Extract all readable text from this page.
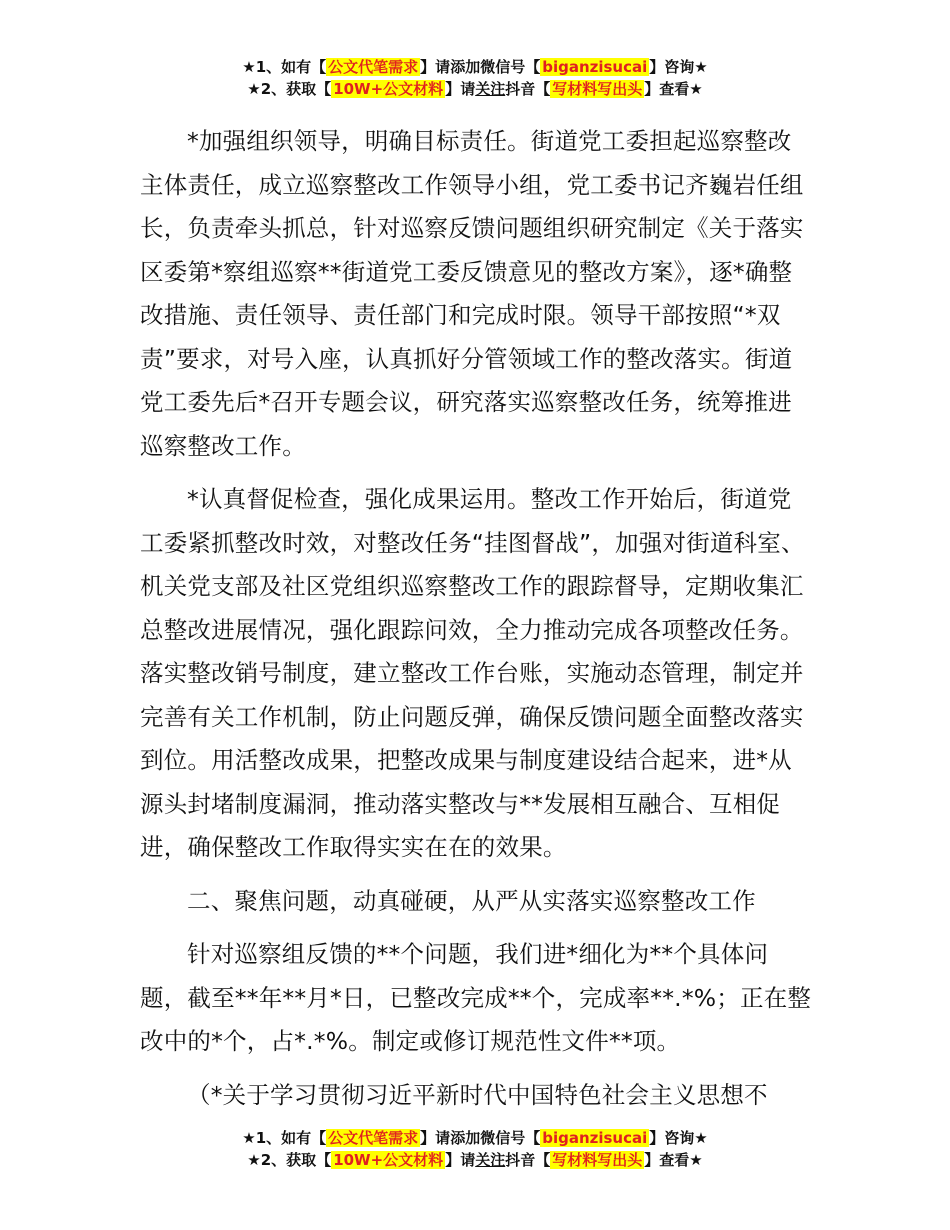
★1、如有【 公文代笔需求 】请添加微信号【 biganzisucai 】咨询★
★2、获取【 10W+公文材料 】请关注抖音【 写材料写出头 】查看★

*加强组织领导，明确目标责任。街道党工委担起巡察整改主体责任，成立巡察整改工作领导小组，党工委书记齐巍岩任组长，负责牵头抓总，针对巡察反馈问题组织研究制定《关于落实区委第*察组巡察**街道党工委反馈意见的整改方案》，逐*确整改措施、责任领导、责任部门和完成时限。领导干部按照“*双责”要求，对号入座，认真抓好分管领域工作的整改落实。街道党工委先后*召开专题会议，研究落实巡察整改任务，统筹推进巡察整改工作。

*认真督促检查，强化成果运用。整改工作开始后，街道党工委紧抓整改时效，对整改任务“挂图督战”，加强对街道科室、机关党支部及社区党组织巡察整改工作的跟踪督导，定期收集汇总整改进展情况，强化跟踪问效，全力推动完成各项整改任务。落实整改销号制度，建立整改工作台账，实施动态管理，制定并完善有关工作机制，防止问题反弹，确保反馈问题全面整改落实到位。用活整改成果，把整改成果与制度建设结合起来，进*从源头封堵制度漏洞，推动落实整改与**发展相互融合、互相促进，确保整改工作取得实实在在的效果。

二、聚焦问题，动真碰硬，从严从实落实巡察整改工作

针对巡察组反馈的**个问题，我们进*细化为**个具体问题，截至**年**月*日，已整改完成**个，完成率**.*%；正在整改中的*个，占*.*%。制定或修订规范性文件**项。

（*关于学习贯彻习近平新时代中国特色社会主义思想不

★1、如有【 公文代笔需求 】请添加微信号【 biganzisucai 】咨询★
★2、获取【 10W+公文材料 】请关注抖音【 写材料写出头 】查看★
